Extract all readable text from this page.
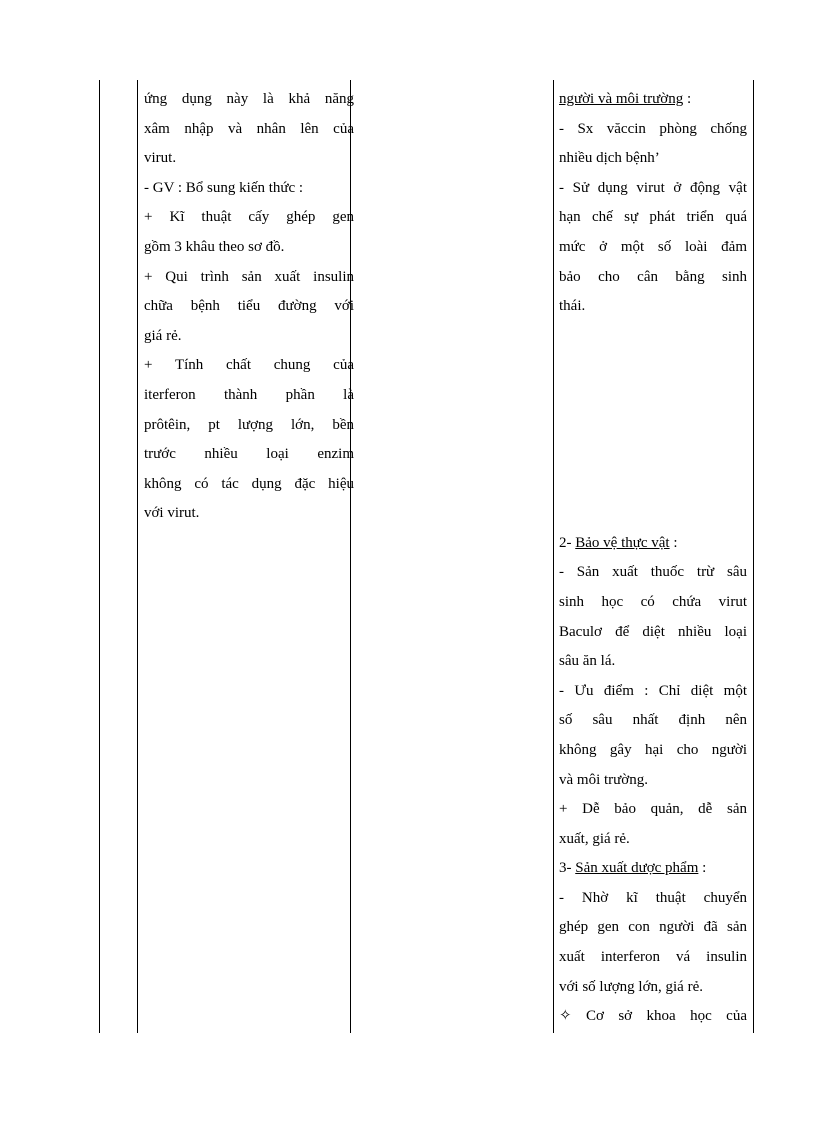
ứng dụng này là khả năng

xâm nhập và nhân lên của

virut.

- GV : Bổ sung kiến thức :

+ Kĩ thuật cấy ghép gen

gồm 3 khâu theo sơ đồ.

+ Qui trình sản xuất insulin

chữa bệnh tiểu đường với

giá rẻ.

+ Tính chất chung của

iterferon thành phần là

prôtêin, pt lượng lớn, bền

trước nhiều loại enzim

không có tác dụng đặc hiệu

với virut.

người và môi trường :

- Sx văccin phòng chống

nhiều dịch bệnh’

- Sử dụng virut ở động vật

hạn chế sự phát triển quá

mức ở một số loài đảm

bảo cho cân bằng sinh

thái.

2- Bảo vệ thực vật :

- Sản xuất thuốc trừ sâu

sinh học có chứa virut

Baculơ để diệt nhiều loại

sâu ăn lá.

- Ưu điểm : Chỉ diệt một

số sâu nhất định nên

không gây hại cho người

và môi trường.

+ Dễ bảo quản, dễ sản

xuất, giá rẻ.

3- Sản xuất dược phẩm :

- Nhờ kĩ thuật chuyển

ghép gen con người đã sản

xuất interferon vá insulin

với số lượng lớn, giá rẻ.

✧ Cơ sở khoa học của
